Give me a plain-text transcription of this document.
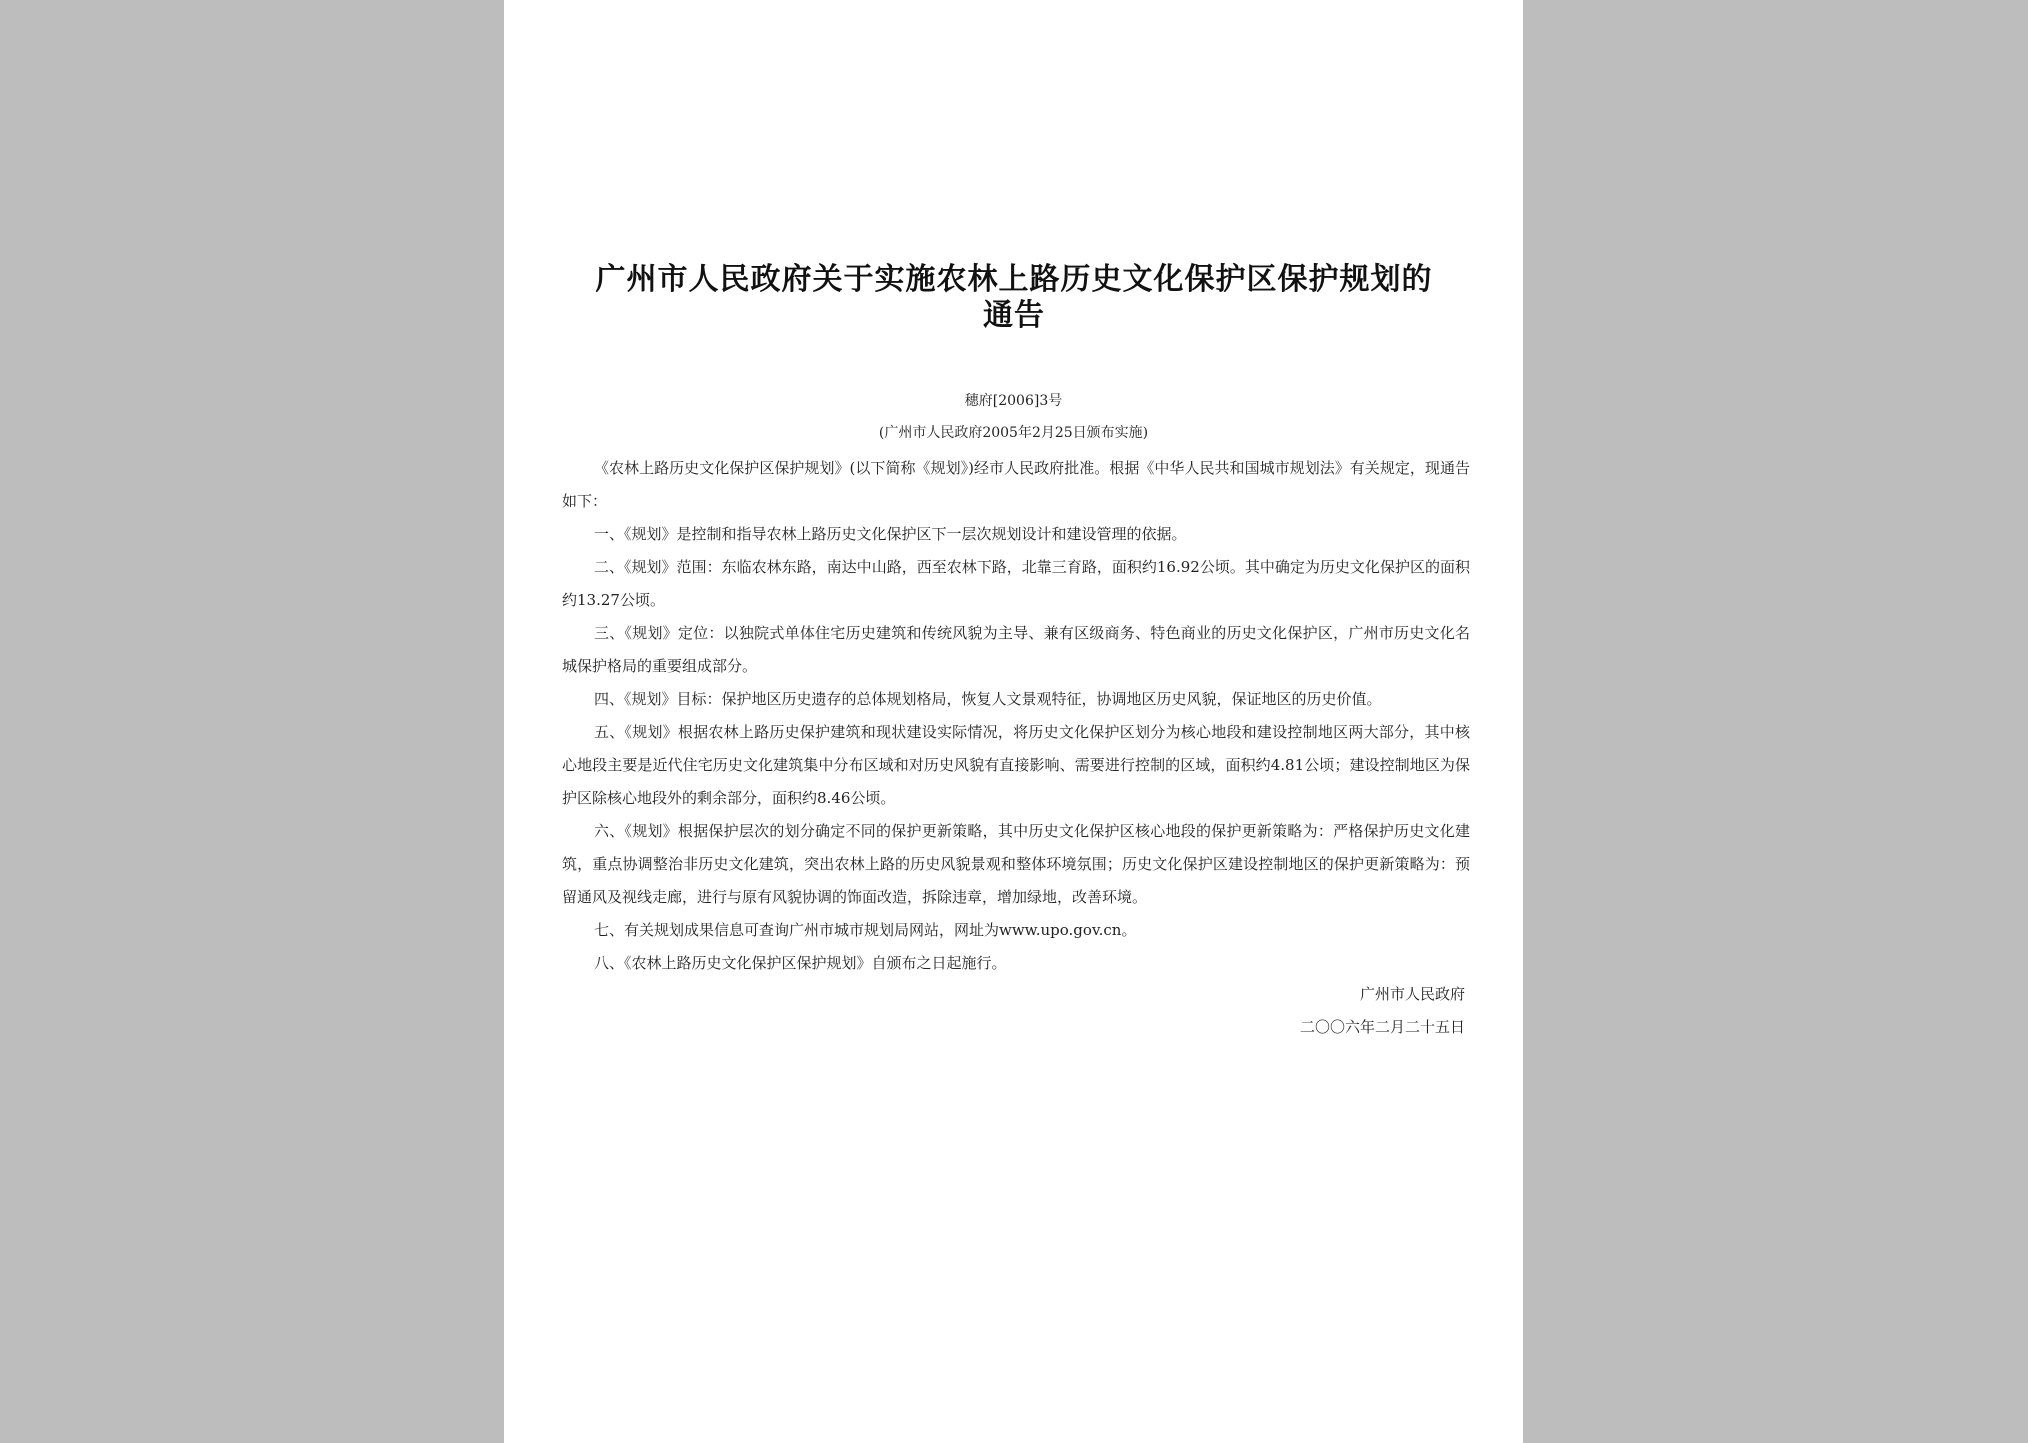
广州市人民政府关于实施农林上路历史文化保护区保护规划的通告
穗府[2006]3号
(广州市人民政府2005年2月25日颁布实施)

《农林上路历史文化保护区保护规划》(以下简称《规划》)经市人民政府批准。根据《中华人民共和国城市规划法》有关规定，现通告如下：

一、《规划》是控制和指导农林上路历史文化保护区下一层次规划设计和建设管理的依据。

二、《规划》范围：东临农林东路，南达中山路，西至农林下路，北靠三育路，面积约16.92公顷。其中确定为历史文化保护区的面积约13.27公顷。

三、《规划》定位：以独院式单体住宅历史建筑和传统风貌为主导、兼有区级商务、特色商业的历史文化保护区，广州市历史文化名城保护格局的重要组成部分。

四、《规划》目标：保护地区历史遗存的总体规划格局，恢复人文景观特征，协调地区历史风貌，保证地区的历史价值。

五、《规划》根据农林上路历史保护建筑和现状建设实际情况，将历史文化保护区划分为核心地段和建设控制地区两大部分，其中核心地段主要是近代住宅历史文化建筑集中分布区域和对历史风貌有直接影响、需要进行控制的区域，面积约4.81公顷；建设控制地区为保护区除核心地段外的剩余部分，面积约8.46公顷。

六、《规划》根据保护层次的划分确定不同的保护更新策略，其中历史文化保护区核心地段的保护更新策略为：严格保护历史文化建筑，重点协调整治非历史文化建筑，突出农林上路的历史风貌景观和整体环境氛围；历史文化保护区建设控制地区的保护更新策略为：预留通风及视线走廊，进行与原有风貌协调的饰面改造，拆除违章，增加绿地，改善环境。

七、有关规划成果信息可查询广州市城市规划局网站，网址为www.upo.gov.cn。

八、《农林上路历史文化保护区保护规划》自颁布之日起施行。

广州市人民政府
二〇〇六年二月二十五日
